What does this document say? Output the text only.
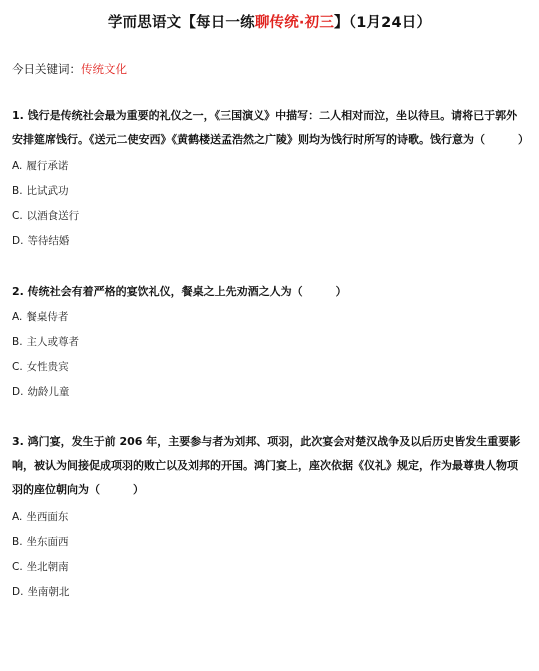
学而思语文【每日一练聊传统·初三】（1月24日）
今日关键词：传统文化
1. 饯行是传统社会最为重要的礼仪之一，《三国演义》中描写：二人相对而泣，坐以待旦。请将已于郭外安排筵席饯行。《送元二使安西》《黄鹤楼送孟浩然之广陵》则均为饯行时所写的诗歌。饯行意为（　　　）
A. 履行承诺
B. 比试武功
C. 以酒食送行
D. 等待结婚
2. 传统社会有着严格的宴饮礼仪，餐桌之上先劝酒之人为（　　　）
A. 餐桌侍者
B. 主人或尊者
C. 女性贵宾
D. 幼龄儿童
3. 鸿门宴，发生于前 206 年，主要参与者为刘邦、项羽，此次宴会对楚汉战争及以后历史皆发生重要影响，被认为间接促成项羽的败亡以及刘邦的开国。鸿门宴上，座次依据《仪礼》规定，作为最尊贵人物项羽的座位朝向为（　　　）
A. 坐西面东
B. 坐东面西
C. 坐北朝南
D. 坐南朝北
